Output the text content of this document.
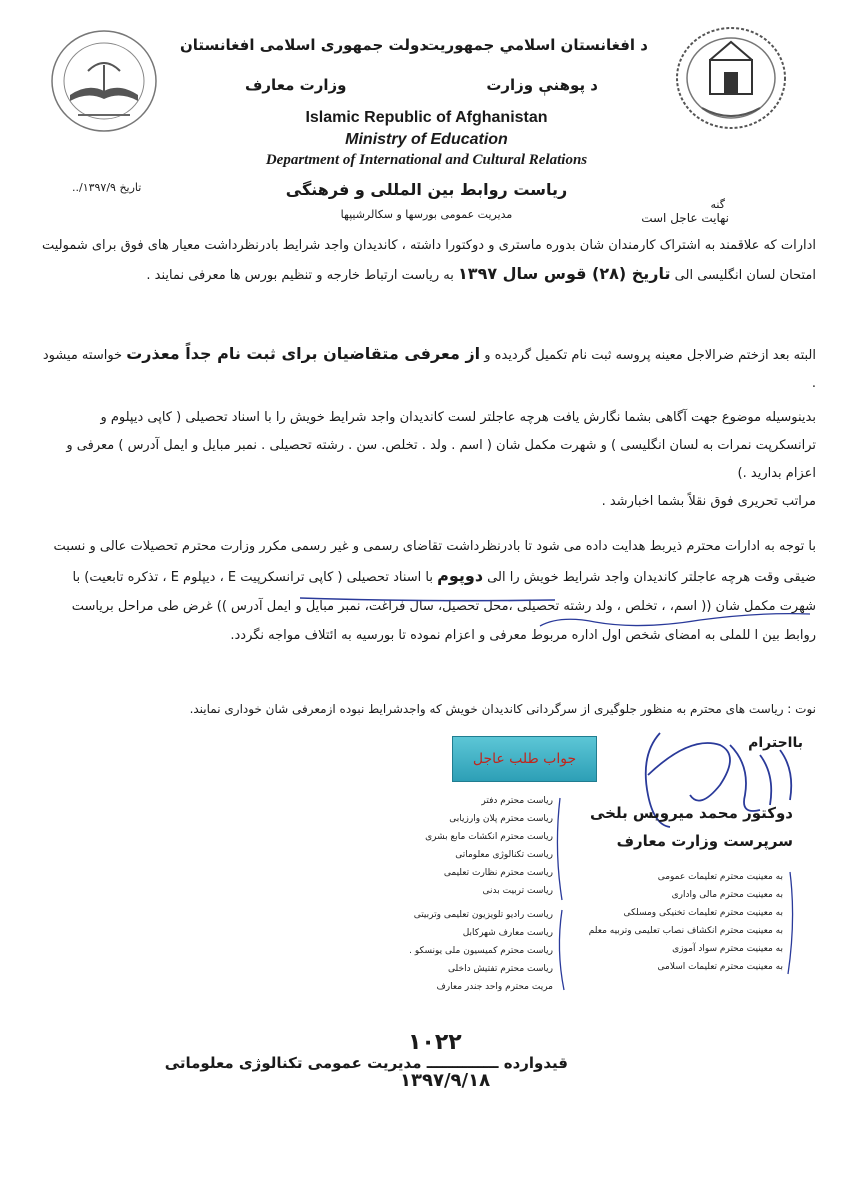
د افغانستان اسلامي جمهوریت
دولت جمهوری اسلامی افغانستان
د پوهنې وزارت
وزارت معارف
Islamic Republic of Afghanistan
Ministry of Education
Department of International and Cultural Relations
ریاست روابط بین المللی و فرهنگی
مدیریت عمومی بورسها و سکالرشیپها
تاریخ ۱۳۹۷/۹/..
گنه
نهایت عاجل است

ادارات که علاقمند به اشتراک کارمندان شان بدوره ماستری و دوکتورا داشته ، کاندیدان واجد شرایط بادرنظرداشت معیار های فوق برای شمولیت امتحان لسان انگلیسی الی تاریخ (۲۸) قوس سال ۱۳۹۷ به ریاست ارتباط خارجه و تنظیم بورس ها معرفی نمایند .

البته بعد ازختم ضرالاجل معینه پروسه ثبت نام تکمیل گردیده و از معرفی متقاضیان برای ثبت نام جداً معذرت خواسته میشود .

بدینوسیله موضوع جهت آگاهی بشما نگارش یافت هرچه عاجلتر لست کاندیدان واجد شرایط خویش را با اسناد تحصیلی ( کاپی دیپلوم و ترانسکرپت نمرات به لسان انگلیسی ) و شهرت مکمل شان ( اسم . ولد . تخلص. سن . رشته تحصیلی . نمبر مبایل و ایمل آدرس ) معرفی و اعزام بدارید .)
مراتب تحریری فوق نقلاً بشما اخبارشد .

با توجه به ادارات محترم ذیربط هدایت داده می شود تا بادرنظرداشت تقاضای رسمی و غیر رسمی مکرر وزارت محترم تحصیلات عالی و نسبت ضیقی وقت هرچه عاجلتر کاندیدان واجد شرایط خویش را الی دوپوم با اسناد تحصیلی ( کاپی ترانسکرپیت E ، دیپلوم E ، تذکره تابعیت) با شهرت مکمل شان (( اسم، ، تخلص ، ولد رشته تحصیلی ،محل تحصیل، سال فراغت، نمبر مبایل و ایمل آدرس )) غرض طی مراحل بریاست روابط بین ا للملی به امضای شخص اول اداره مربوط معرفی و اعزام نموده تا بورسیه به ائتلاف مواجه نگردد.

نوت : ریاست های محترم به منظور جلوگیری از سرگردانی کاندیدان خویش که واجدشرایط نبوده ازمعرفی شان خوداری نمایند.
بااحترام
جواب طلب عاجل
دوکتور محمد میرویس بلخی
سرپرست وزارت معارف
ریاست محترم دفتر
ریاست محترم پلان وارزیابی
ریاست محترم انکشات مابع بشری
ریاست تکنالوژی معلوماتی
ریاست محترم نظارت تعلیمی
ریاست تربیت بدنی
ریاست رادیو تلویزیون تعلیمی وتربیتی
ریاست معارف شهرکابل
ریاست محترم کمیسیون ملی یونسکو .
ریاست محترم تفتیش داخلی
مریت محترم واحد جندر معارف
به معینیت محترم تعلیمات عمومی
به معینیت محترم مالی واداری
به معینیت محترم تعلیمات تخنیکی ومسلکی
به معینیت محترم انکشاف نصاب تعلیمی وتربیه معلم
به معینیت محترم سواد آموزی
به معینیت محترم تعلیمات اسلامی
قیدوارده ــــــــــــــ مدیریت عمومی تکنالوژی معلوماتی
۱۰۲۲
۱۳۹۷/۹/۱۸
